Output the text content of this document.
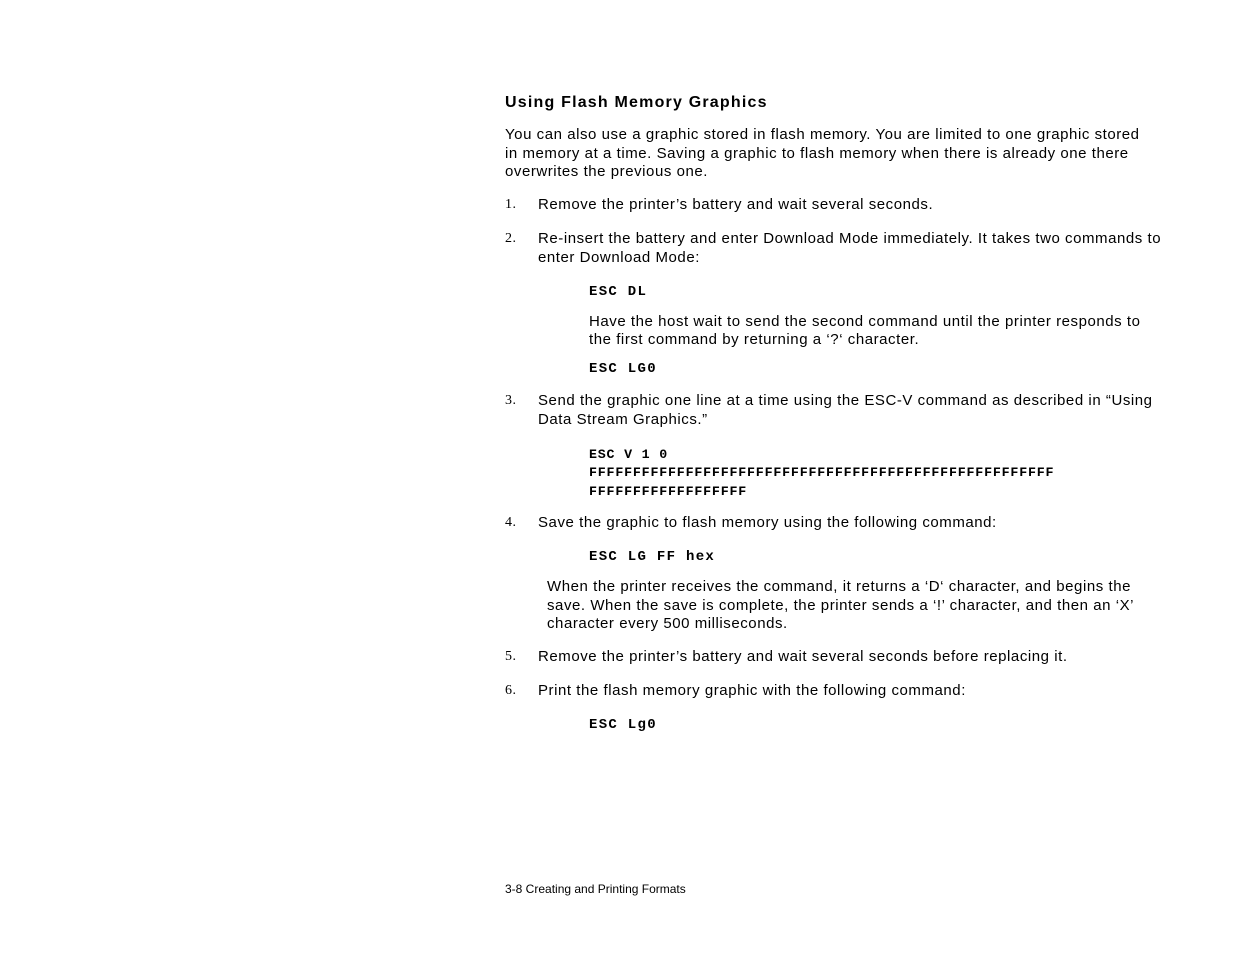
Using Flash Memory Graphics

You can also use a graphic stored in flash memory. You are limited to one graphic stored in memory at a time. Saving a graphic to flash memory when there is already one there overwrites the previous one.

1. Remove the printer’s battery and wait several seconds.
2. Re-insert the battery and enter Download Mode immediately. It takes two commands to enter Download Mode:
ESC DL

Have the host wait to send the second command until the printer responds to the first command by returning a ‘?‘ character.

ESC LG0
3. Send the graphic one line at a time using the ESC-V command as described in “Using Data Stream Graphics.”
ESC V 1 0
FFFFFFFFFFFFFFFFFFFFFFFFFFFFFFFFFFFFFFFFFFFFFFFFFFFFF
FFFFFFFFFFFFFFFFFF
4. Save the graphic to flash memory using the following command:
ESC LG FF hex

When the printer receives the command, it returns a ‘D‘ character, and begins the save. When the save is complete, the printer sends a ‘!’ character, and then an ‘X’ character every 500 milliseconds.

5. Remove the printer’s battery and wait several seconds before replacing it.
6. Print the flash memory graphic with the following command:
ESC Lg0

3-8 Creating and Printing Formats
